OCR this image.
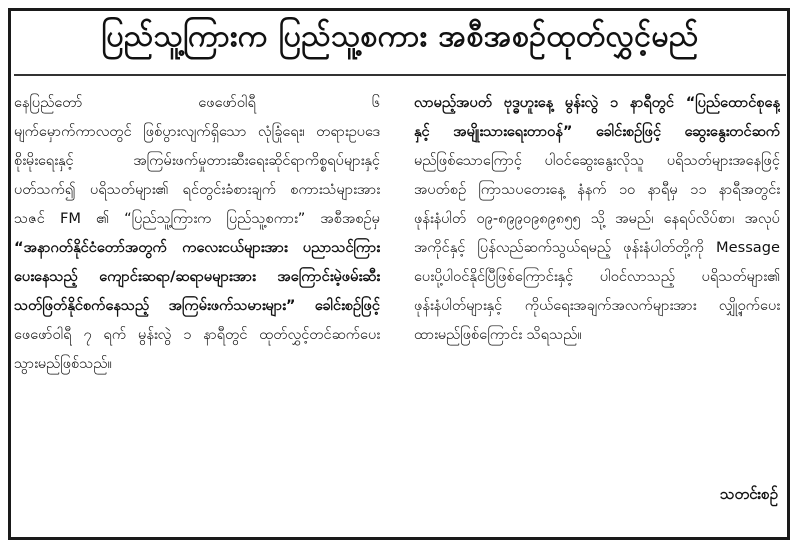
ပြည်သူ့ကြားက ပြည်သူ့စကား အစီအစဉ်ထုတ်လွှင့်မည်
နေပြည်တော် ဖေဖော်ဝါရီ ၆
မျက်မှောက်ကာလတွင် ဖြစ်ပွားလျက်ရှိသော လုံခြုံရေး၊ တရားဥပဒေ
စိုးမိုးရေးနှင့် အကြမ်းဖက်မှုတားဆီးရေးဆိုင်ရာကိစ္စရပ်များနှင့်
ပတ်သက်၍ ပရိသတ်များ၏ ရင်တွင်းခံစားချက် စကားသံများအား
သဇင် FM ၏ “ပြည်သူ့ကြားက ပြည်သူ့စကား” အစီအစဉ်မှ
“အနာဂတ်နိုင်ငံတော်အတွက် ကလေးငယ်များအား ပညာသင်ကြား
ပေးနေသည့် ကျောင်းဆရာ/ဆရာမများအား အကြောင်းမဲ့ဖမ်းဆီး
သတ်ဖြတ်နိုင်စက်နေသည့် အကြမ်းဖက်သမားများ” ခေါင်းစဉ်ဖြင့်
ဖေဖော်ဝါရီ ၇ ရက် မွန်းလွဲ ၁ နာရီတွင် ထုတ်လွှင့်တင်ဆက်ပေး
သွားမည်ဖြစ်သည်။
လာမည့်အပတ် ဗုဒ္ဓဟူးနေ့ မွန်းလွဲ ၁ နာရီတွင် “ပြည်ထောင်စုနေ့
နှင့် အမျိုးသားရေးတာဝန်” ခေါင်းစဉ်ဖြင့် ဆွေးနွေးတင်ဆက်
မည်ဖြစ်သောကြောင့် ပါဝင်ဆွေးနွေးလိုသူ ပရိသတ်များအနေဖြင့်
အပတ်စဉ် ကြာသပတေးနေ့ နံနက် ၁၀ နာရီမှ ၁၁ နာရီအတွင်း
ဖုန်းနံပါတ် ၀၉-၈၉၉၀၉၈၉၈၅၅ သို့ အမည်၊ နေရပ်လိပ်စာ၊ အလုပ်
အကိုင်နှင့် ပြန်လည်ဆက်သွယ်ရမည့် ဖုန်းနံပါတ်တို့ကို Message
ပေးပို့ပါဝင်နိုင်ပြီဖြစ်ကြောင်းနှင့် ပါဝင်လာသည့် ပရိသတ်များ၏
ဖုန်းနံပါတ်များနှင့် ကိုယ်ရေးအချက်အလက်များအား လျှို့ဝှက်ပေး
ထားမည်ဖြစ်ကြောင်း သိရသည်။
သတင်းစဉ်
